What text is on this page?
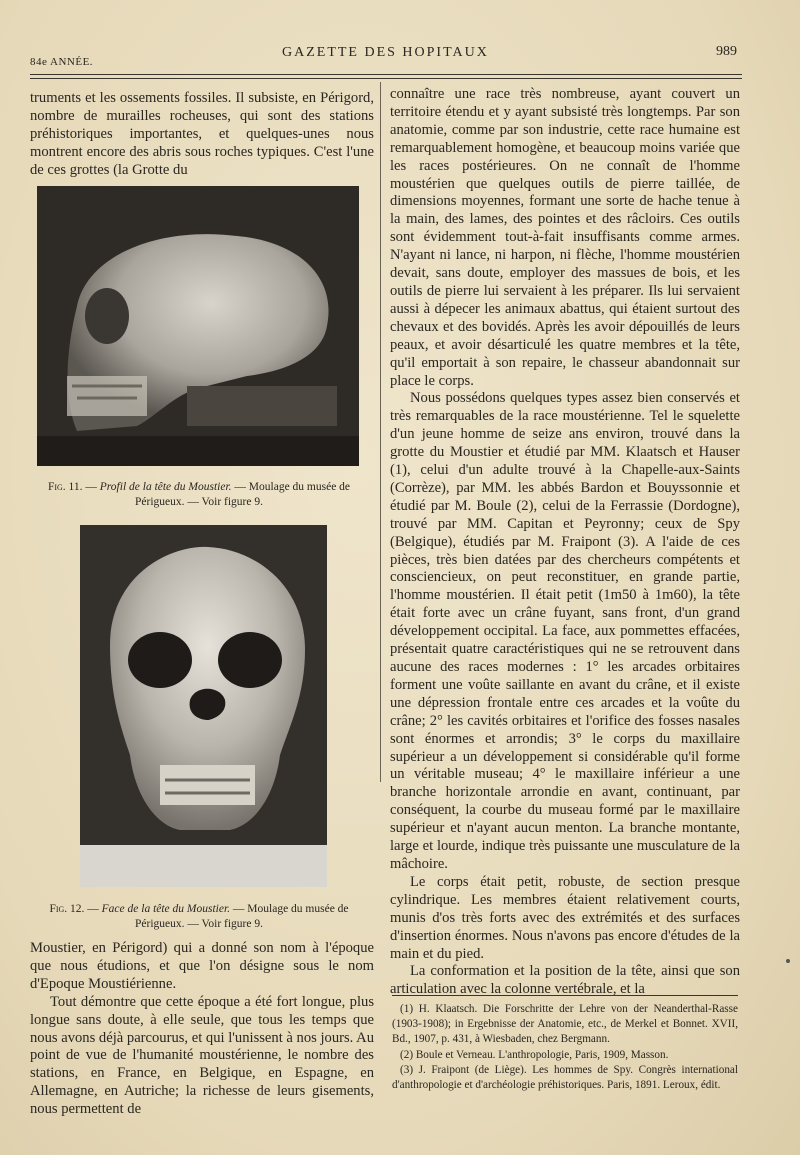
84e ANNÉE.
GAZETTE DES HOPITAUX	989

truments et les ossements fossiles. Il subsiste, en Périgord, nombre de murailles rocheuses, qui sont des stations préhistoriques importantes, et quelques-unes nous montrent encore des abris sous roches typiques. C'est l'une de ces grottes (la Grotte du

Fig. 11. — Profil de la tête du Moustier. — Moulage du musée de Périgueux. — Voir figure 9.
Fig. 12. — Face de la tête du Moustier. — Moulage du musée de Périgueux. — Voir figure 9.

Moustier, en Périgord) qui a donné son nom à l'époque que nous étudions, et que l'on désigne sous le nom d'Epoque Moustiérienne.

Tout démontre que cette époque a été fort longue, plus longue sans doute, à elle seule, que tous les temps que nous avons déjà parcourus, et qui l'unissent à nos jours. Au point de vue de l'humanité moustérienne, le nombre des stations, en France, en Belgique, en Espagne, en Allemagne, en Autriche; la richesse de leurs gisements, nous permettent de

connaître une race très nombreuse, ayant couvert un territoire étendu et y ayant subsisté très longtemps. Par son anatomie, comme par son industrie, cette race humaine est remarquablement homogène, et beaucoup moins variée que les races postérieures. On ne connaît de l'homme moustérien que quelques outils de pierre taillée, de dimensions moyennes, formant une sorte de hache tenue à la main, des lames, des pointes et des râcloirs. Ces outils sont évidemment tout-à-fait insuffisants comme armes. N'ayant ni lance, ni harpon, ni flèche, l'homme moustérien devait, sans doute, employer des massues de bois, et les outils de pierre lui servaient à les préparer. Ils lui servaient aussi à dépecer les animaux abattus, qui étaient surtout des chevaux et des bovidés. Après les avoir dépouillés de leurs peaux, et avoir désarticulé les quatre membres et la tête, qu'il emportait à son repaire, le chasseur abandonnait sur place le corps.

Nous possédons quelques types assez bien conservés et très remarquables de la race moustérienne. Tel le squelette d'un jeune homme de seize ans environ, trouvé dans la grotte du Moustier et étudié par MM. Klaatsch et Hauser (1), celui d'un adulte trouvé à la Chapelle-aux-Saints (Corrèze), par MM. les abbés Bardon et Bouyssonnie et étudié par M. Boule (2), celui de la Ferrassie (Dordogne), trouvé par MM. Capitan et Peyronny; ceux de Spy (Belgique), étudiés par M. Fraipont (3). A l'aide de ces pièces, très bien datées par des chercheurs compétents et consciencieux, on peut reconstituer, en grande partie, l'homme moustérien. Il était petit (1m50 à 1m60), la tête était forte avec un crâne fuyant, sans front, d'un grand développement occipital. La face, aux pommettes effacées, présentait quatre caractéristiques qui ne se retrouvent dans aucune des races modernes : 1° les arcades orbitaires forment une voûte saillante en avant du crâne, et il existe une dépression frontale entre ces arcades et la voûte du crâne; 2° les cavités orbitaires et l'orifice des fosses nasales sont énormes et arrondis; 3° le corps du maxillaire supérieur a un développement si considérable qu'il forme un véritable museau; 4° le maxillaire inférieur a une branche horizontale arrondie en avant, continuant, par conséquent, la courbe du museau formé par le maxillaire supérieur et n'ayant aucun menton. La branche montante, large et lourde, indique très puissante une musculature de la mâchoire.

Le corps était petit, robuste, de section presque cylindrique. Les membres étaient relativement courts, munis d'os très forts avec des extrémités et des surfaces d'insertion énormes. Nous n'avons pas encore d'études de la main et du pied.

La conformation et la position de la tête, ainsi que son articulation avec la colonne vertébrale, et la

(1) H. Klaatsch. Die Forschritte der Lehre von der Neanderthal-Rasse (1903-1908); in Ergebnisse der Anatomie, etc., de Merkel et Bonnet. XVII, Bd., 1907, p. 431, à Wiesbaden, chez Bergmann.

(2) Boule et Verneau. L'anthropologie, Paris, 1909, Masson.

(3) J. Fraipont (de Liège). Les hommes de Spy. Congrès international d'anthropologie et d'archéologie préhistoriques. Paris, 1891. Leroux, édit.
